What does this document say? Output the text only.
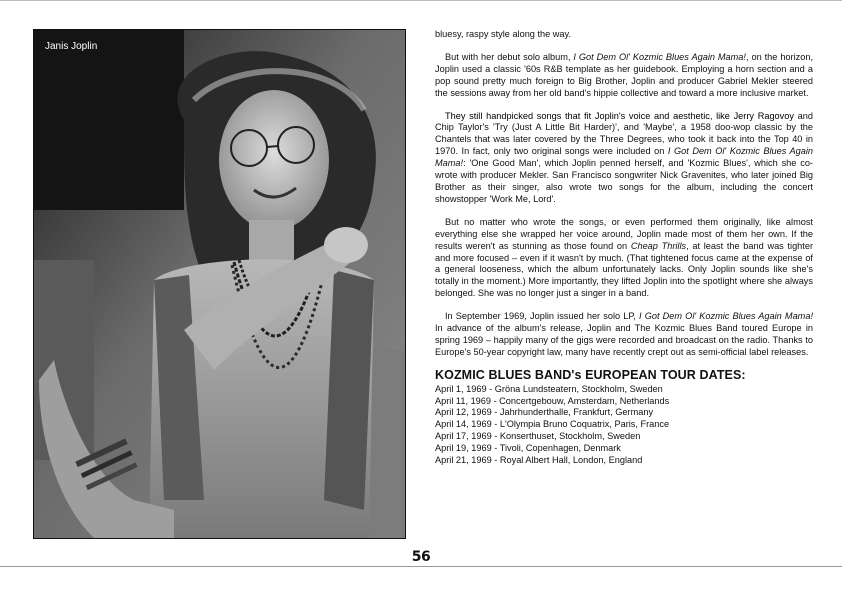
Janis Joplin

bluesy, raspy style along the way.

But with her debut solo album, I Got Dem Ol' Kozmic Blues Again Mama!, on the horizon, Joplin used a classic '60s R&B template as her guidebook. Employing a horn section and a pop sound pretty much foreign to Big Brother, Joplin and producer Gabriel Mekler steered the sessions away from her old band's hippie collective and toward a more inclusive market.

They still handpicked songs that fit Joplin's voice and aesthetic, like Jerry Ragovoy and Chip Taylor's 'Try (Just A Little Bit Harder)', and 'Maybe', a 1958 doo-wop classic by the Chantels that was later covered by the Three Degrees, who took it back into the Top 40 in 1970. In fact, only two original songs were included on I Got Dem Ol' Kozmic Blues Again Mama!: 'One Good Man', which Joplin penned herself, and 'Kozmic Blues', which she co-wrote with producer Mekler. San Francisco songwriter Nick Gravenites, who later joined Big Brother as their singer, also wrote two songs for the album, including the concert showstopper 'Work Me, Lord'.

But no matter who wrote the songs, or even performed them originally, like almost everything else she wrapped her voice around, Joplin made most of them her own. If the results weren't as stunning as those found on Cheap Thrills, at least the band was tighter and more focused – even if it wasn't by much. (That tightened focus came at the expense of a general looseness, which the album unfortunately lacks. Only Joplin sounds like she's totally in the moment.) More importantly, they lifted Joplin into the spotlight where she always belonged. She was no longer just a singer in a band.

In September 1969, Joplin issued her solo LP, I Got Dem Ol' Kozmic Blues Again Mama! In advance of the album's release, Joplin and The Kozmic Blues Band toured Europe in spring 1969 – happily many of the gigs were recorded and broadcast on the radio. Thanks to Europe's 50-year copyright law, many have recently crept out as semi-official label releases.

KOZMIC BLUES BAND's EUROPEAN TOUR DATES:
April 1, 1969 - Gröna Lundsteatern, Stockholm, Sweden
April 11, 1969 - Concertgebouw, Amsterdam, Netherlands
April 12, 1969 - Jahrhunderthalle, Frankfurt, Germany
April 14, 1969 - L'Olympia Bruno Coquatrix, Paris, France
April 17, 1969 - Konserthuset, Stockholm, Sweden
April 19, 1969 - Tivoli, Copenhagen, Denmark
April 21, 1969 - Royal Albert Hall, London, England
56
